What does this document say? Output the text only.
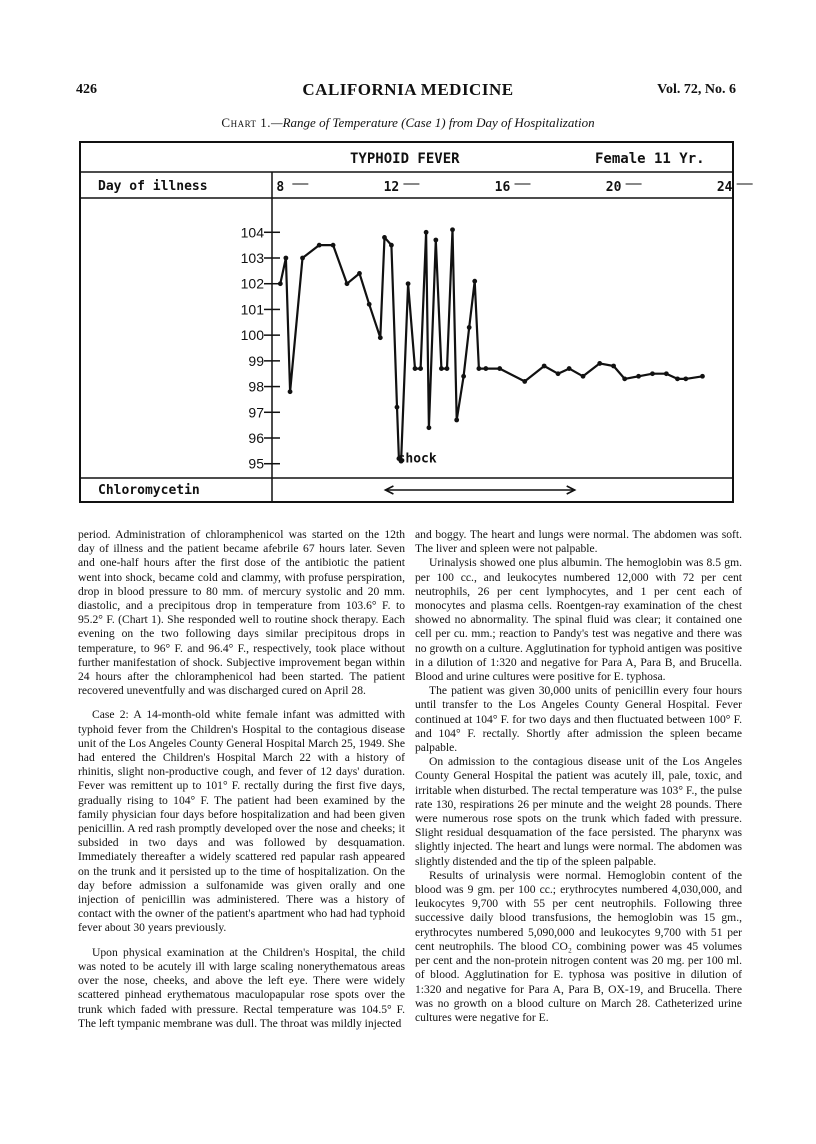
426	CALIFORNIA MEDICINE	Vol. 72, No. 6
Chart 1.—Range of Temperature (Case 1) from Day of Hospitalization
TYPHOID FEVER	Female 11 Yr.
Day of illness
Chloromycetin
8	12	16	20	24
104
103
102
101
100
99
98
97
96
95	shock

period. Administration of chloramphenicol was started on the 12th day of illness and the patient became afebrile 67 hours later. Seven and one-half hours after the first dose of the antibiotic the patient went into shock, became cold and clammy, with profuse perspiration, drop in blood pressure to 80 mm. of mercury systolic and 20 mm. diastolic, and a precipitous drop in temperature from 103.6° F. to 95.2° F. (Chart 1). She responded well to routine shock therapy. Each evening on the two following days similar precipitous drops in temperature, to 96° F. and 96.4° F., respectively, took place without further manifestation of shock. Subjective improvement began within 24 hours after the chloramphenicol had been started. The patient recovered uneventfully and was discharged cured on April 28.

Case 2: A 14-month-old white female infant was admitted with typhoid fever from the Children's Hospital to the contagious disease unit of the Los Angeles County General Hospital March 25, 1949. She had entered the Children's Hospital March 22 with a history of rhinitis, slight non-productive cough, and fever of 12 days' duration. Fever was remittent up to 101° F. rectally during the first five days, gradually rising to 104° F. The patient had been examined by the family physician four days before hospitalization and had been given penicillin. A red rash promptly developed over the nose and cheeks; it subsided in two days and was followed by desquamation. Immediately thereafter a widely scattered red papular rash appeared on the trunk and it persisted up to the time of hospitalization. On the day before admission a sulfonamide was given orally and one injection of penicillin was administered. There was a history of contact with the owner of the patient's apartment who had had typhoid fever about 30 years previously.

Upon physical examination at the Children's Hospital, the child was noted to be acutely ill with large scaling nonerythematous areas over the nose, cheeks, and above the left eye. There were widely scattered pinhead erythematous maculopapular rose spots over the trunk which faded with pressure. Rectal temperature was 104.5° F. The left tympanic membrane was dull. The throat was mildly injected

and boggy. The heart and lungs were normal. The abdomen was soft. The liver and spleen were not palpable.

Urinalysis showed one plus albumin. The hemoglobin was 8.5 gm. per 100 cc., and leukocytes numbered 12,000 with 72 per cent neutrophils, 26 per cent lymphocytes, and 1 per cent each of monocytes and plasma cells. Roentgen-ray examination of the chest showed no abnormality. The spinal fluid was clear; it contained one cell per cu. mm.; reaction to Pandy's test was negative and there was no growth on a culture. Agglutination for typhoid antigen was positive in a dilution of 1:320 and negative for Para A, Para B, and Brucella. Blood and urine cultures were positive for E. typhosa.

The patient was given 30,000 units of penicillin every four hours until transfer to the Los Angeles County General Hospital. Fever continued at 104° F. for two days and then fluctuated between 100° F. and 104° F. rectally. Shortly after admission the spleen became palpable.

On admission to the contagious disease unit of the Los Angeles County General Hospital the patient was acutely ill, pale, toxic, and irritable when disturbed. The rectal temperature was 103° F., the pulse rate 130, respirations 26 per minute and the weight 28 pounds. There were numerous rose spots on the trunk which faded with pressure. Slight residual desquamation of the face persisted. The pharynx was slightly injected. The heart and lungs were normal. The abdomen was slightly distended and the tip of the spleen palpable.

Results of urinalysis were normal. Hemoglobin content of the blood was 9 gm. per 100 cc.; erythrocytes numbered 4,030,000, and leukocytes 9,700 with 55 per cent neutrophils. Following three successive daily blood transfusions, the hemoglobin was 15 gm., erythrocytes numbered 5,090,000 and leukocytes 9,700 with 51 per cent neutrophils. The blood CO₂ combining power was 45 volumes per cent and the non-protein nitrogen content was 20 mg. per 100 ml. of blood. Agglutination for E. typhosa was positive in dilution of 1:320 and negative for Para A, Para B, OX-19, and Brucella. There was no growth on a blood culture on March 28. Catheterized urine cultures were negative for E.
